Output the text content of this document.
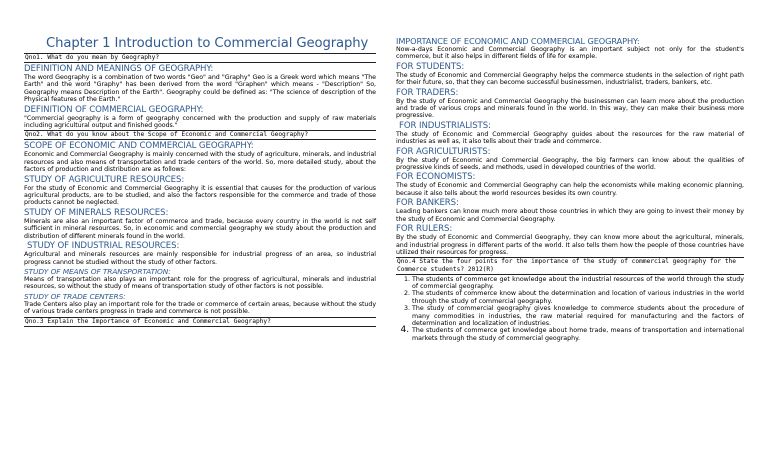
Chapter 1 Introduction to Commercial Geography
Qno1. What do you mean by Geography?
DEFINITION AND MEANINGS OF GEOGRAPHY:

The word Geography is a combination of two words "Geo" and "Graphy" Geo is a Greek word which means "The Earth" and the word "Graphy" has been derived from the word "Graphen" which means - "Description" So, Geography means Description of the Earth". Geography could be defined as: "The science of description of the Physical features of the Earth."

DEFINITION OF COMMERCIAL GEOGRAPHY:

"Commercial geography is a form of geography concerned with the production and supply of raw materials including agricultural output and finished goods."

Qno2. What do you know about the Scope of Economic and Commercial Geography?
SCOPE OF ECONOMIC AND COMMERCIAL GEOGRAPHY:

Economic and Commercial Geography is mainly concerned with the study of agriculture, minerals, and industrial resources and also means of transportation and trade centers of the world. So, more detailed study, about the factors of production and distribution are as follows:

STUDY OF AGRICULTURE RESOURCES:

For the study of Economic and Commercial Geography it is essential that causes for the production of various agricultural products, are to be studied, and also the factors responsible for the commerce and trade of those products cannot be neglected.

STUDY OF MINERALS RESOURCES:

Minerals are also an important factor of commerce and trade, because every country in the world is not self sufficient in mineral resources. So, in economic and commercial geography we study about the production and distribution of different minerals found in the world.

STUDY OF INDUSTRIAL RESOURCES:

Agricultural and minerals resources are mainly responsible for industrial progress of an area, so industrial progress cannot be studied without the study of other factors.

STUDY OF MEANS OF TRANSPORTATION:

Means of transportation also plays an important role for the progress of agricultural, minerals and industrial resources, so without the study of means of transportation study of other factors is not possible.

STUDY OF TRADE CENTERS:

Trade Centers also play an important role for the trade or commerce of certain areas, because without the study of various trade centers progress in trade and commerce is not possible.

Qno.3 Explain the Importance of Economic and Commercial Geography?
IMPORTANCE OF ECONOMIC AND COMMERCIAL GEOGRAPHY:

Now-a-days Economic and Commercial Geography is an important subject not only for the student's commerce, but it also helps in different fields of life for example.

FOR STUDENTS:

The study of Economic and Commercial Geography helps the commerce students in the selection of right path for their future, so, that they can become successful businessmen, industrialist, traders, bankers, etc.

FOR TRADERS:

By the study of Economic and Commercial Geography the businessmen can learn more about the production and trade of various crops and minerals found in the world. In this way, they can make their business more progressive.

FOR INDUSTRIALISTS:

The study of Economic and Commercial Geography guides about the resources for the raw material of industries as well as, it also tells about their trade and commerce.

FOR AGRICULTURISTS:

By the study of Economic and Commercial Geography, the big farmers can know about the qualities of progressive kinds of seeds, and methods, used in developed countries of the world.

FOR ECONOMISTS:

The study of Economic and Commercial Geography can help the economists while making economic planning, because it also tells about the world resources besides its own country.

FOR BANKERS:

Leading bankers can know much more about those countries in which they are going to invest their money by the study of Economic and Commercial Geography.

FOR RULERS:

By the study of Economic and Commercial Geography, they can know more about the agricultural, minerals, and industrial progress in different parts of the world. It also tells them how the people of those countries have utilized their resources for progress.

Qno.4 State the four points for the importance of the study of commercial geography for the Commerce students? 2012(R)
1. The students of commerce get knowledge about the industrial resources of the world through the study of commercial geography.
2. The students of commerce know about the determination and location of various industries in the world through the study of commercial geography.
3. The study of commercial geography gives knowledge to commerce students about the procedure of many commodities in industries, the raw material required for manufacturing and the factors of determination and localization of industries.
4. The students of commerce get knowledge about home trade, means of transportation and international markets through the study of commercial geography.
